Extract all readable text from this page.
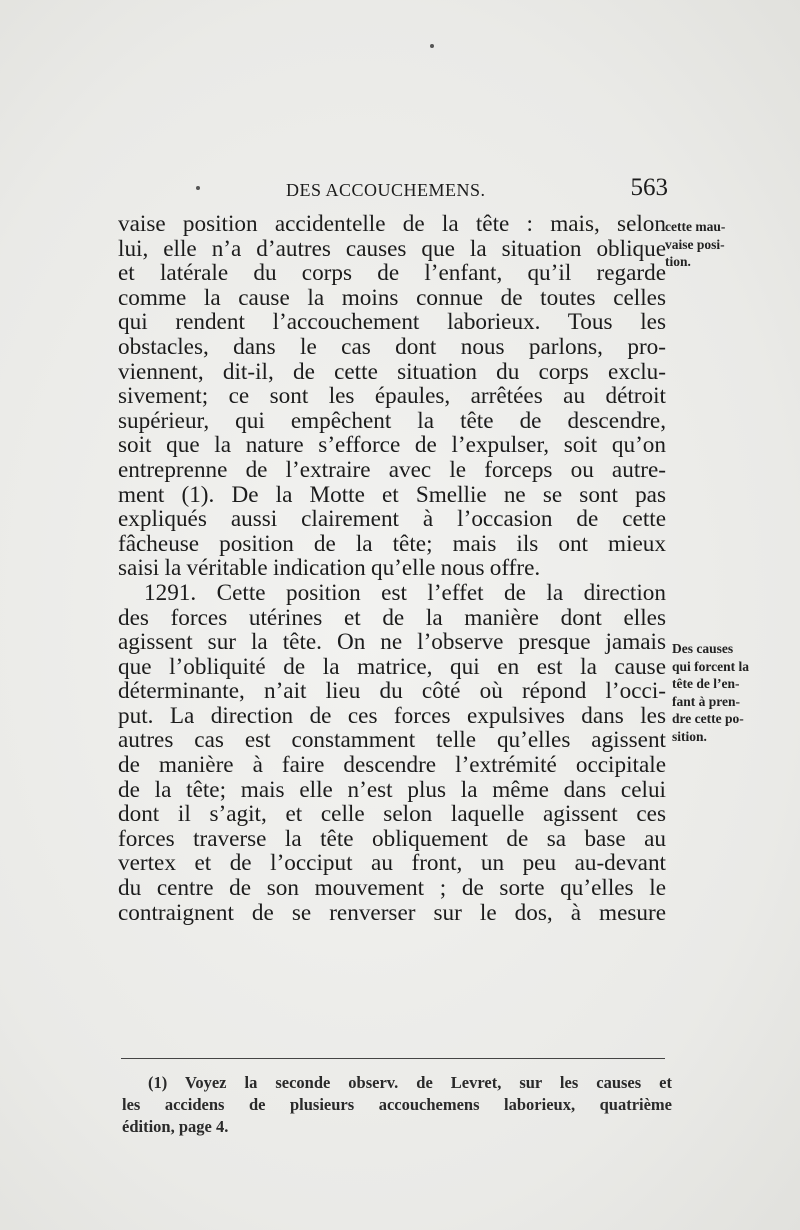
DES ACCOUCHEMENS.	563
vaise position accidentelle de la tête : mais, selon
lui, elle n’a d’autres causes que la situation oblique
et latérale du corps de l’enfant, qu’il regarde
comme la cause la moins connue de toutes celles
qui rendent l’accouchement laborieux. Tous les
obstacles, dans le cas dont nous parlons, pro-
viennent, dit-il, de cette situation du corps exclu-
sivement; ce sont les épaules, arrêtées au détroit
supérieur, qui empêchent la tête de descendre,
soit que la nature s’efforce de l’expulser, soit qu’on
entreprenne de l’extraire avec le forceps ou autre-
ment (1). De la Motte et Smellie ne se sont pas
expliqués aussi clairement à l’occasion de cette
fâcheuse position de la tête; mais ils ont mieux
saisi la véritable indication qu’elle nous offre.
1291. Cette position est l’effet de la direction
des forces utérines et de la manière dont elles
agissent sur la tête. On ne l’observe presque jamais
que l’obliquité de la matrice, qui en est la cause
déterminante, n’ait lieu du côté où répond l’occi-
put. La direction de ces forces expulsives dans les
autres cas est constamment telle qu’elles agissent
de manière à faire descendre l’extrémité occipitale
de la tête; mais elle n’est plus la même dans celui
dont il s’agit, et celle selon laquelle agissent ces
forces traverse la tête obliquement de sa base au
vertex et de l’occiput au front, un peu au-devant
du centre de son mouvement ; de sorte qu’elles le
contraignent de se renverser sur le dos, à mesure
cette mau-
vaise posi-
tion.
Des causes
qui forcent la
tête de l’en-
fant à pren-
dre cette po-
sition.
(1) Voyez la seconde observ. de Levret, sur les causes et
les accidens de plusieurs accouchemens laborieux, quatrième
édition, page 4.
